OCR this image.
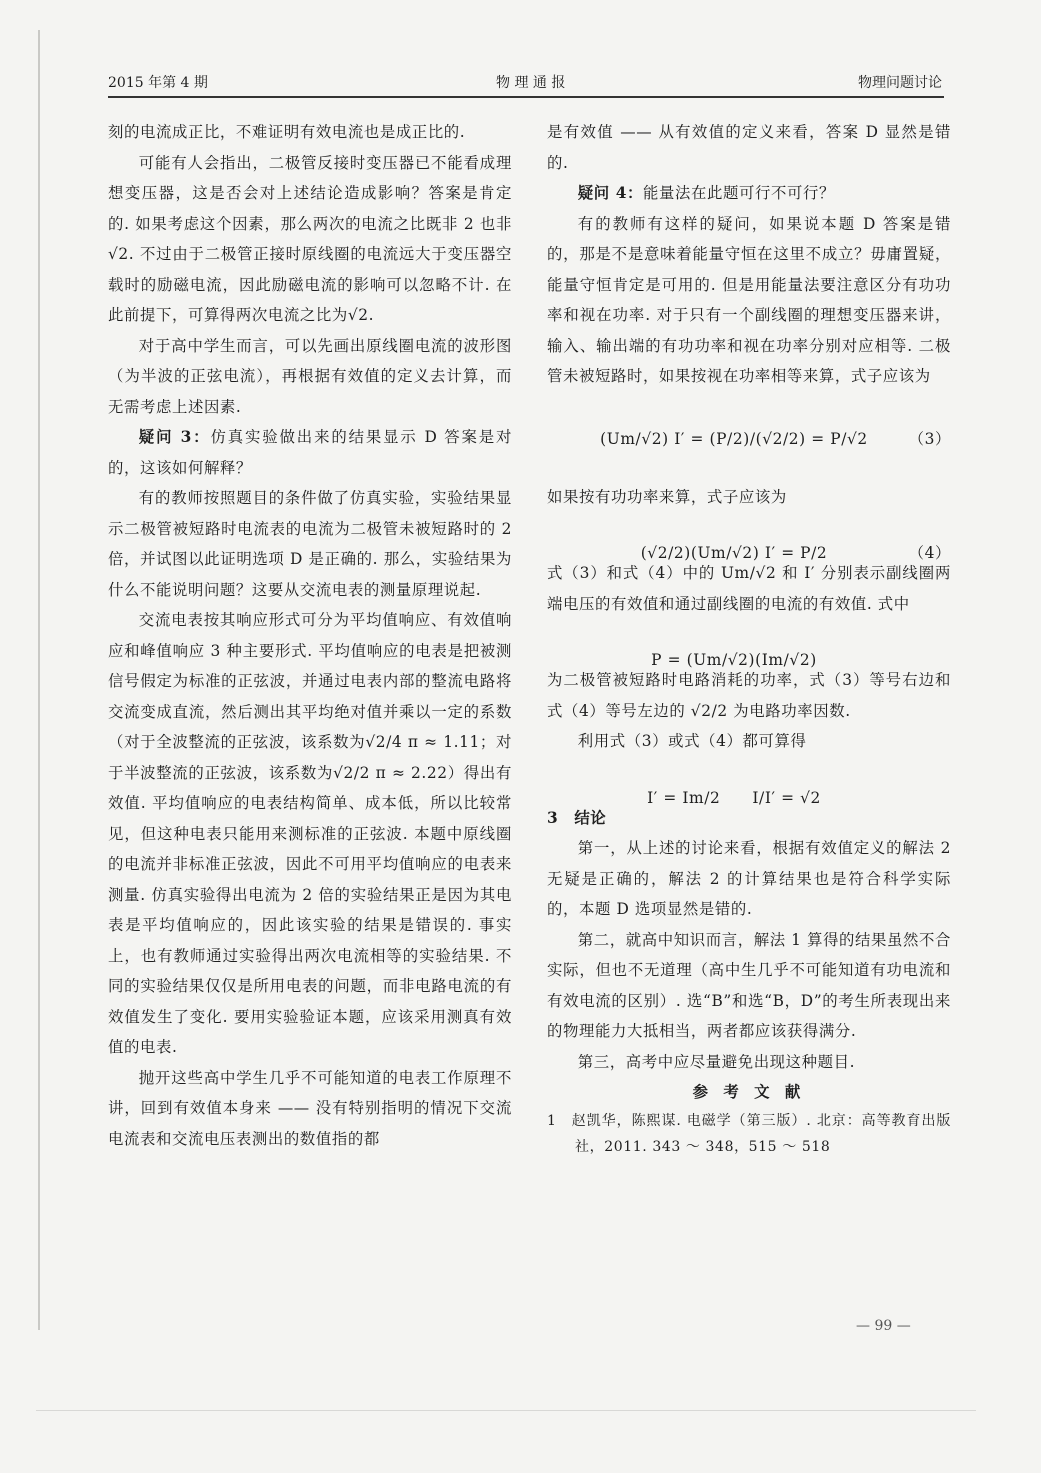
2015 年第 4 期	物 理 通 报	物理问题讨论

刻的电流成正比，不难证明有效电流也是成正比的.

可能有人会指出，二极管反接时变压器已不能看成理想变压器，这是否会对上述结论造成影响？答案是肯定的. 如果考虑这个因素，那么两次的电流之比既非 2 也非√2. 不过由于二极管正接时原线圈的电流远大于变压器空载时的励磁电流，因此励磁电流的影响可以忽略不计. 在此前提下，可算得两次电流之比为√2.

对于高中学生而言，可以先画出原线圈电流的波形图（为半波的正弦电流），再根据有效值的定义去计算，而无需考虑上述因素.

疑问 3：仿真实验做出来的结果显示 D 答案是对的，这该如何解释？

有的教师按照题目的条件做了仿真实验，实验结果显示二极管被短路时电流表的电流为二极管未被短路时的 2 倍，并试图以此证明选项 D 是正确的. 那么，实验结果为什么不能说明问题？这要从交流电表的测量原理说起.

交流电表按其响应形式可分为平均值响应、有效值响应和峰值响应 3 种主要形式. 平均值响应的电表是把被测信号假定为标准的正弦波，并通过电表内部的整流电路将交流变成直流，然后测出其平均绝对值并乘以一定的系数（对于全波整流的正弦波，该系数为√2/4 π ≈ 1.11；对于半波整流的正弦波，该系数为√2/2 π ≈ 2.22）得出有效值. 平均值响应的电表结构简单、成本低，所以比较常见，但这种电表只能用来测标准的正弦波. 本题中原线圈的电流并非标准正弦波，因此不可用平均值响应的电表来测量. 仿真实验得出电流为 2 倍的实验结果正是因为其电表是平均值响应的，因此该实验的结果是错误的. 事实上，也有教师通过实验得出两次电流相等的实验结果. 不同的实验结果仅仅是所用电表的问题，而非电路电流的有效值发生了变化. 要用实验验证本题，应该采用测真有效值的电表.

抛开这些高中学生几乎不可能知道的电表工作原理不讲，回到有效值本身来 —— 没有特别指明的情况下交流电流表和交流电压表测出的数值指的都

是有效值 —— 从有效值的定义来看，答案 D 显然是错的.

疑问 4：能量法在此题可行不可行？

有的教师有这样的疑问，如果说本题 D 答案是错的，那是不是意味着能量守恒在这里不成立？毋庸置疑，能量守恒肯定是可用的. 但是用能量法要注意区分有功功率和视在功率. 对于只有一个副线圈的理想变压器来讲，输入、输出端的有功功率和视在功率分别对应相等. 二极管未被短路时，如果按视在功率相等来算，式子应该为

(Um/√2) I′ = (P/2)/(√2/2) = P/√2	（3）

如果按有功功率来算，式子应该为

(√2/2)(Um/√2) I′ = P/2	（4）

式（3）和式（4）中的 Um/√2 和 I′ 分别表示副线圈两端电压的有效值和通过副线圈的电流的有效值. 式中

P = (Um/√2)(Im/√2)

为二极管被短路时电路消耗的功率，式（3）等号右边和式（4）等号左边的 √2/2 为电路功率因数.

利用式（3）或式（4）都可算得

I′ = Im/2　　I/I′ = √2

3　 结论

第一，从上述的讨论来看，根据有效值定义的解法 2 无疑是正确的，解法 2 的计算结果也是符合科学实际的，本题 D 选项显然是错的.

第二，就高中知识而言，解法 1 算得的结果虽然不合实际，但也不无道理（高中生几乎不可能知道有功电流和有效电流的区别）. 选“B”和选“B，D”的考生所表现出来的物理能力大抵相当，两者都应该获得满分.

第三，高考中应尽量避免出现这种题目.

参 考 文 献

1　赵凯华，陈熙谋. 电磁学（第三版）. 北京：高等教育出版社，2011. 343 ～ 348，515 ～ 518

— 99 —
